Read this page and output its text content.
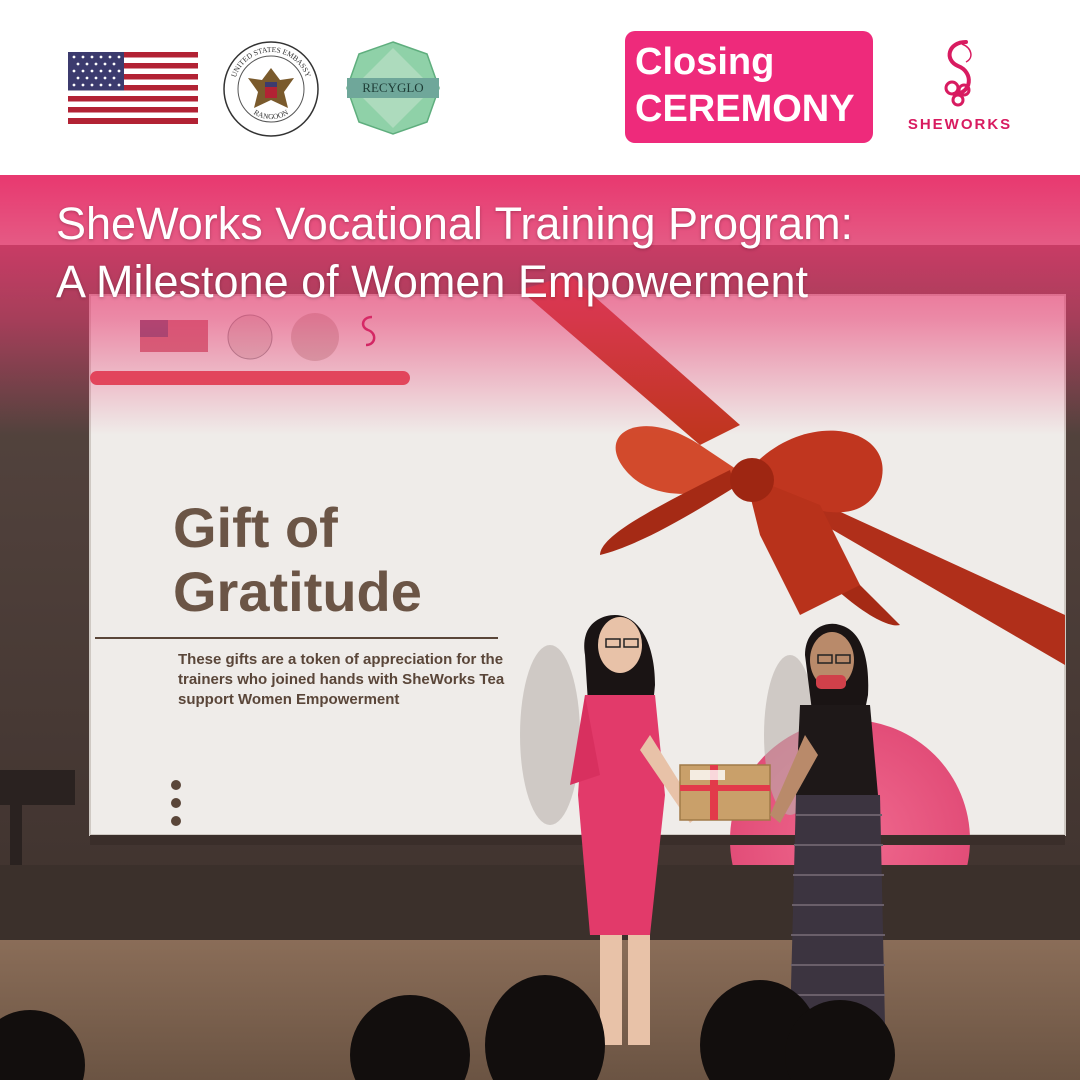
UNITED STATES EMBASSY
RANGOON
RECYGLO
Closing
CEREMONY	SHEWORKS
SheWorks Vocational Training Program:
A Milestone of Women Empowerment
Gift of
Gratitude
These gifts are a token of appreciation for the
trainers who joined hands with SheWorks Tea
support Women Empowerment
